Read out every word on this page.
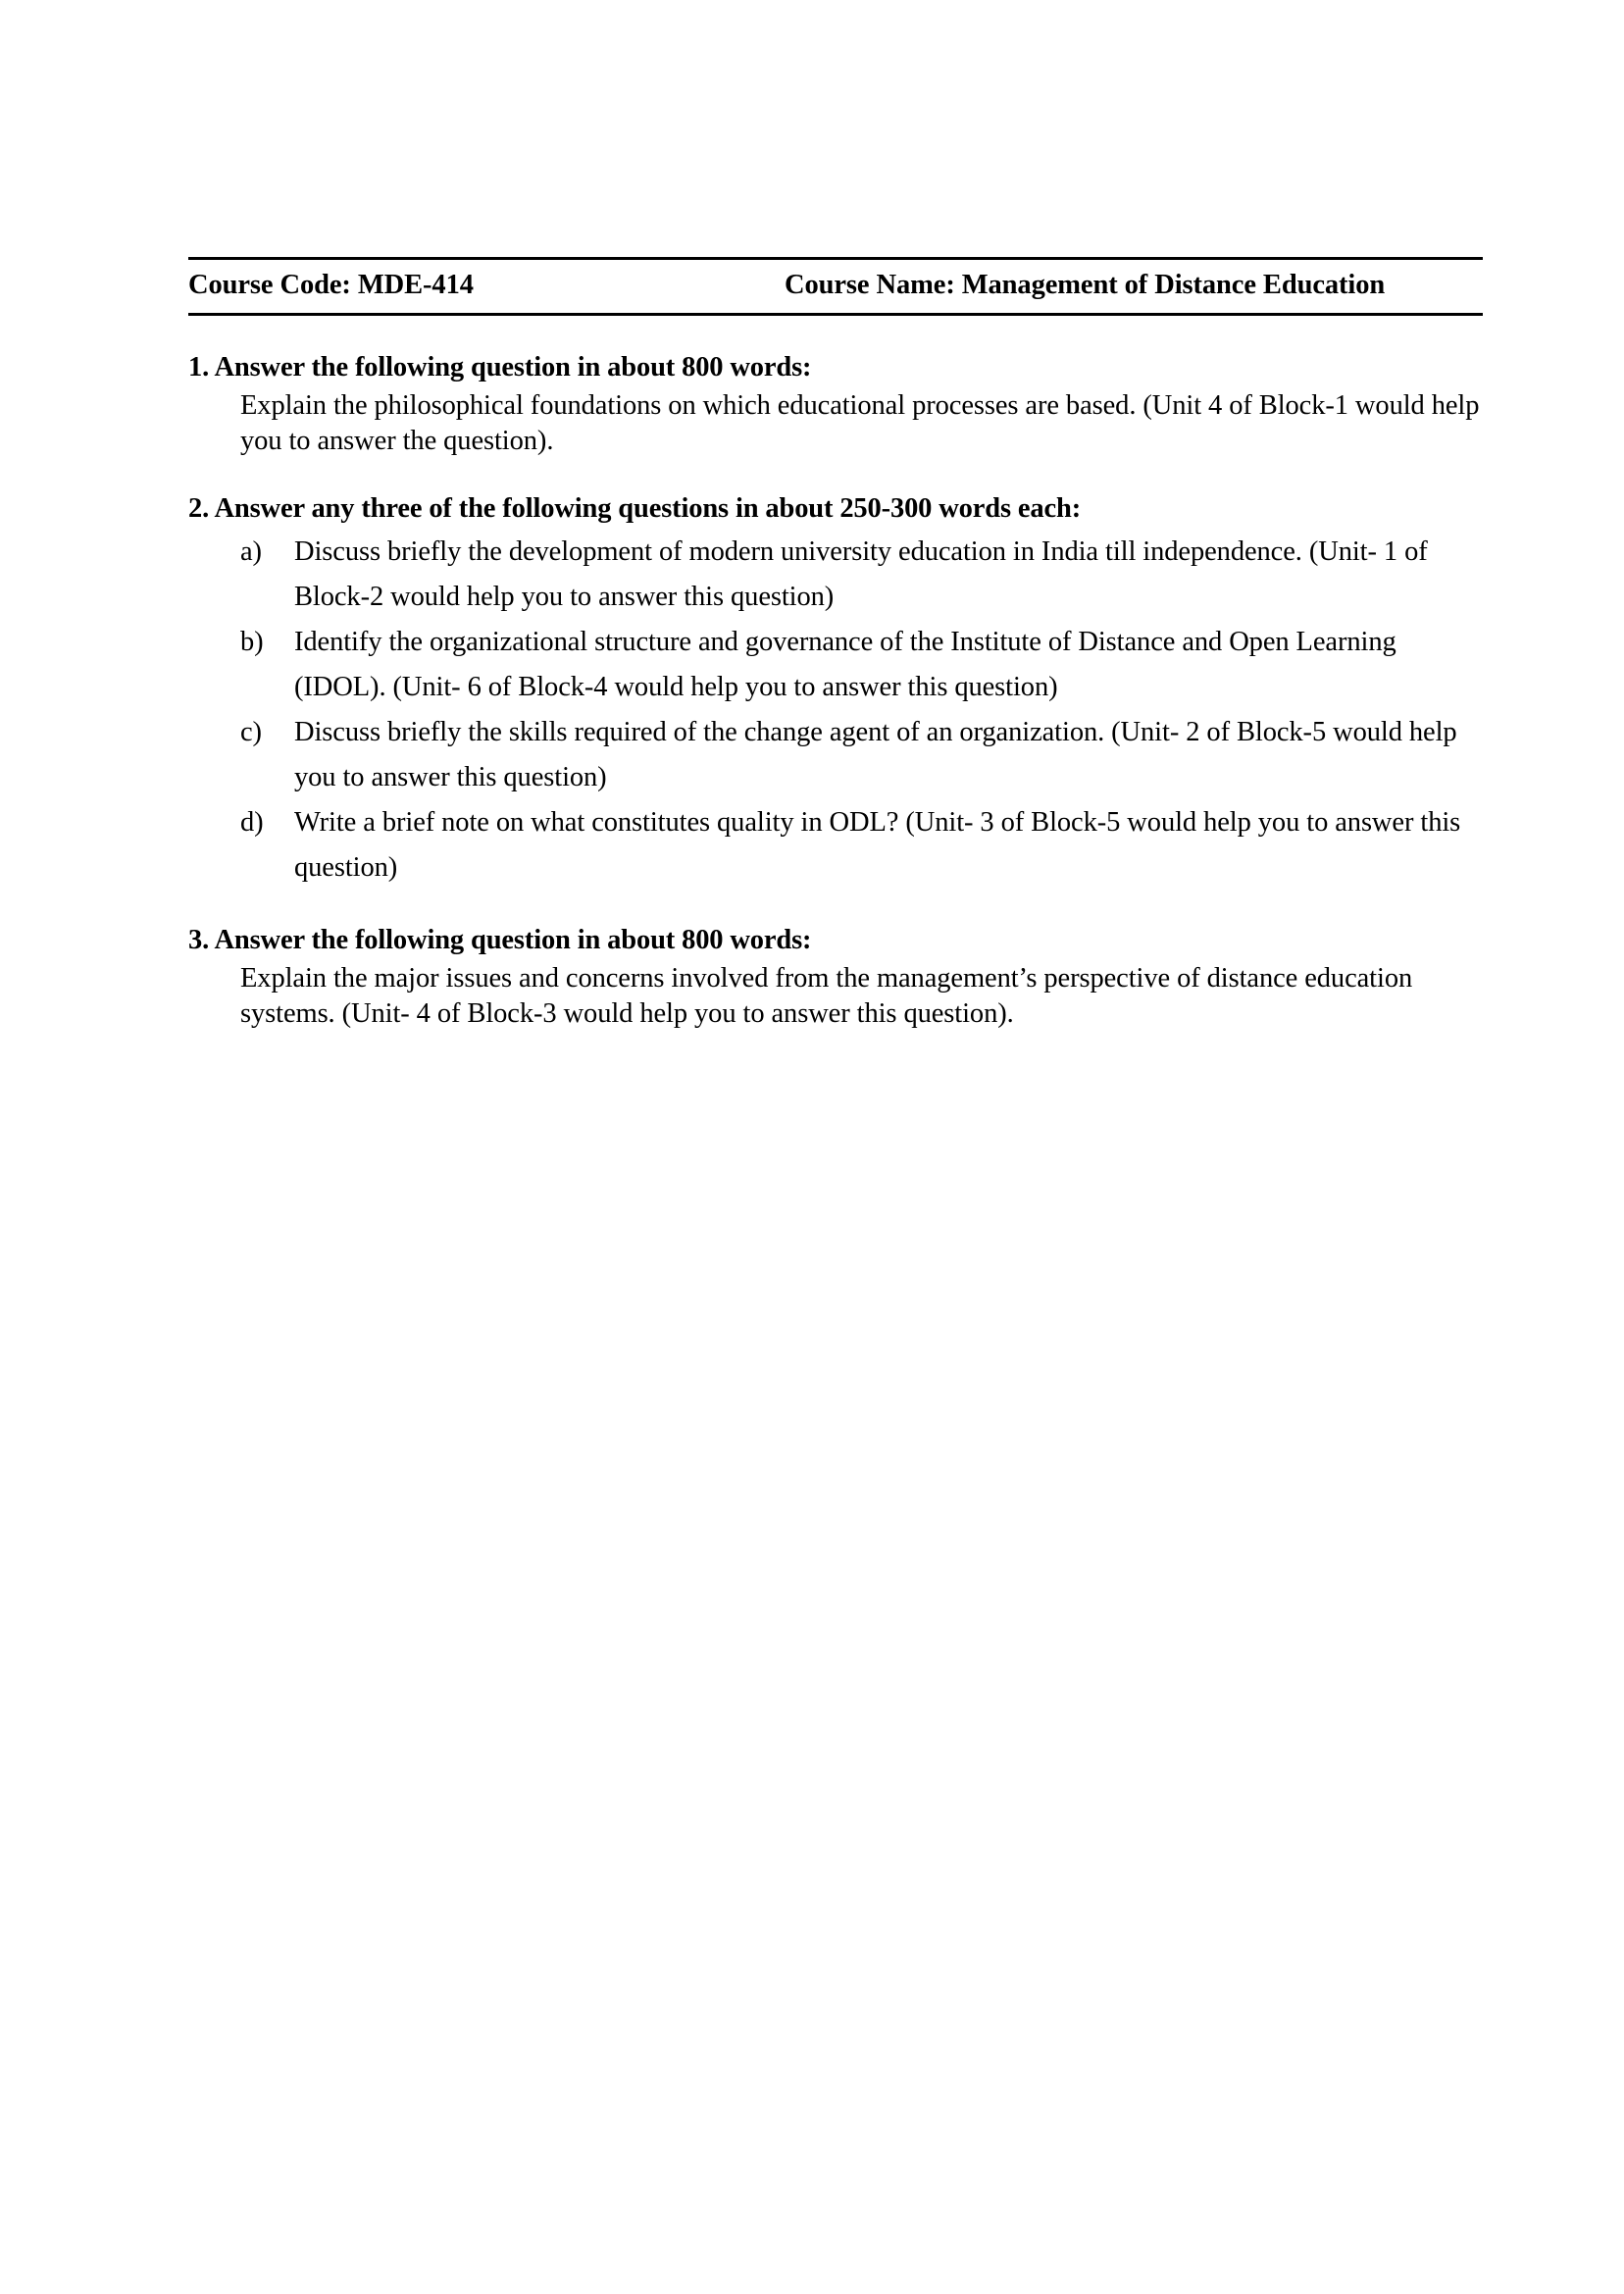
Course Code: MDE-414	Course Name: Management of Distance Education

1. Answer the following question in about 800 words:

Explain the philosophical foundations on which educational processes are based. (Unit 4 of Block-1 would help you to answer the question).

2. Answer any three of the following questions in about 250-300 words each:

a)	Discuss briefly the development of modern university education in India till independence. (Unit- 1 of Block-2 would help you to answer this question)
b)	Identify the organizational structure and governance of the Institute of Distance and Open Learning (IDOL). (Unit- 6 of Block-4 would help you to answer this question)
c)	Discuss briefly the skills required of the change agent of an organization. (Unit- 2 of Block-5 would help you to answer this question)
d)	Write a brief note on what constitutes quality in ODL? (Unit- 3 of Block-5 would help you to answer this question)

3. Answer the following question in about 800 words:

Explain the major issues and concerns involved from the management’s perspective of distance education systems. (Unit- 4 of Block-3 would help you to answer this question).
